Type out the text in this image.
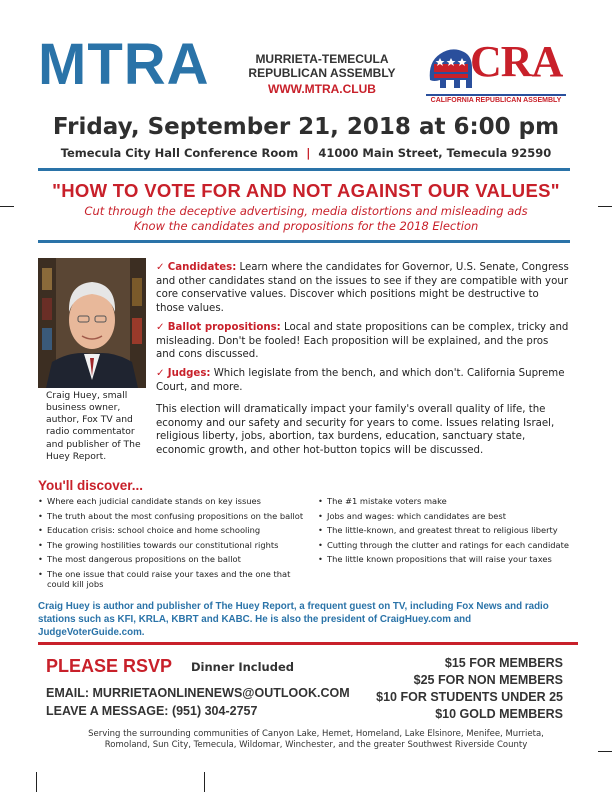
MTRA	MURRIETA-TEMECULA
REPUBLICAN ASSEMBLY
WWW.MTRA.CLUB
CRA
CALIFORNIA REPUBLICAN ASSEMBLY
Friday, September 21, 2018 at 6:00 pm
Temecula City Hall Conference Room | 41000 Main Street, Temecula 92590
"HOW TO VOTE FOR AND NOT AGAINST OUR VALUES"
Cut through the deceptive advertising, media distortions and misleading ads
Know the candidates and propositions for the 2018 Election
Craig Huey, small business owner, author, Fox TV and radio commentator and publisher of The Huey Report.
✓ Candidates: Learn where the candidates for Governor, U.S. Senate, Congress and other candidates stand on the issues to see if they are compatible with your core conservative values. Discover which positions might be destructive to those values.
✓ Ballot propositions: Local and state propositions can be complex, tricky and misleading. Don't be fooled! Each proposition will be explained, and the pros and cons discussed.
✓ Judges: Which legislate from the bench, and which don't. California Supreme Court, and more.
This election will dramatically impact your family's overall quality of life, the economy and our safety and security for years to come. Issues relating Israel, religious liberty, jobs, abortion, tax burdens, education, sanctuary state, economic growth, and other hot-button topics will be discussed.
You'll discover...
• Where each judicial candidate stands on key issues
• The truth about the most confusing propositions on the ballot
• Education crisis: school choice and home schooling
• The growing hostilities towards our constitutional rights
• The most dangerous propositions on the ballot
• The one issue that could raise your taxes and the one that could kill jobs
• The #1 mistake voters make
• Jobs and wages: which candidates are best
• The little-known, and greatest threat to religious liberty
• Cutting through the clutter and ratings for each candidate
• The little known propositions that will raise your taxes
Craig Huey is author and publisher of The Huey Report, a frequent guest on TV, including Fox News and radio stations such as KFI, KRLA, KBRT and KABC. He is also the president of CraigHuey.com and JudgeVoterGuide.com.
PLEASE RSVP Dinner Included
EMAIL: MURRIETAONLINENEWS@OUTLOOK.COM
LEAVE A MESSAGE: (951) 304-2757
$15 FOR MEMBERS
$25 FOR NON MEMBERS
$10 FOR STUDENTS UNDER 25
$10 GOLD MEMBERS
Serving the surrounding communities of Canyon Lake, Hemet, Homeland, Lake Elsinore, Menifee, Murrieta,
Romoland, Sun City, Temecula, Wildomar, Winchester, and the greater Southwest Riverside County
